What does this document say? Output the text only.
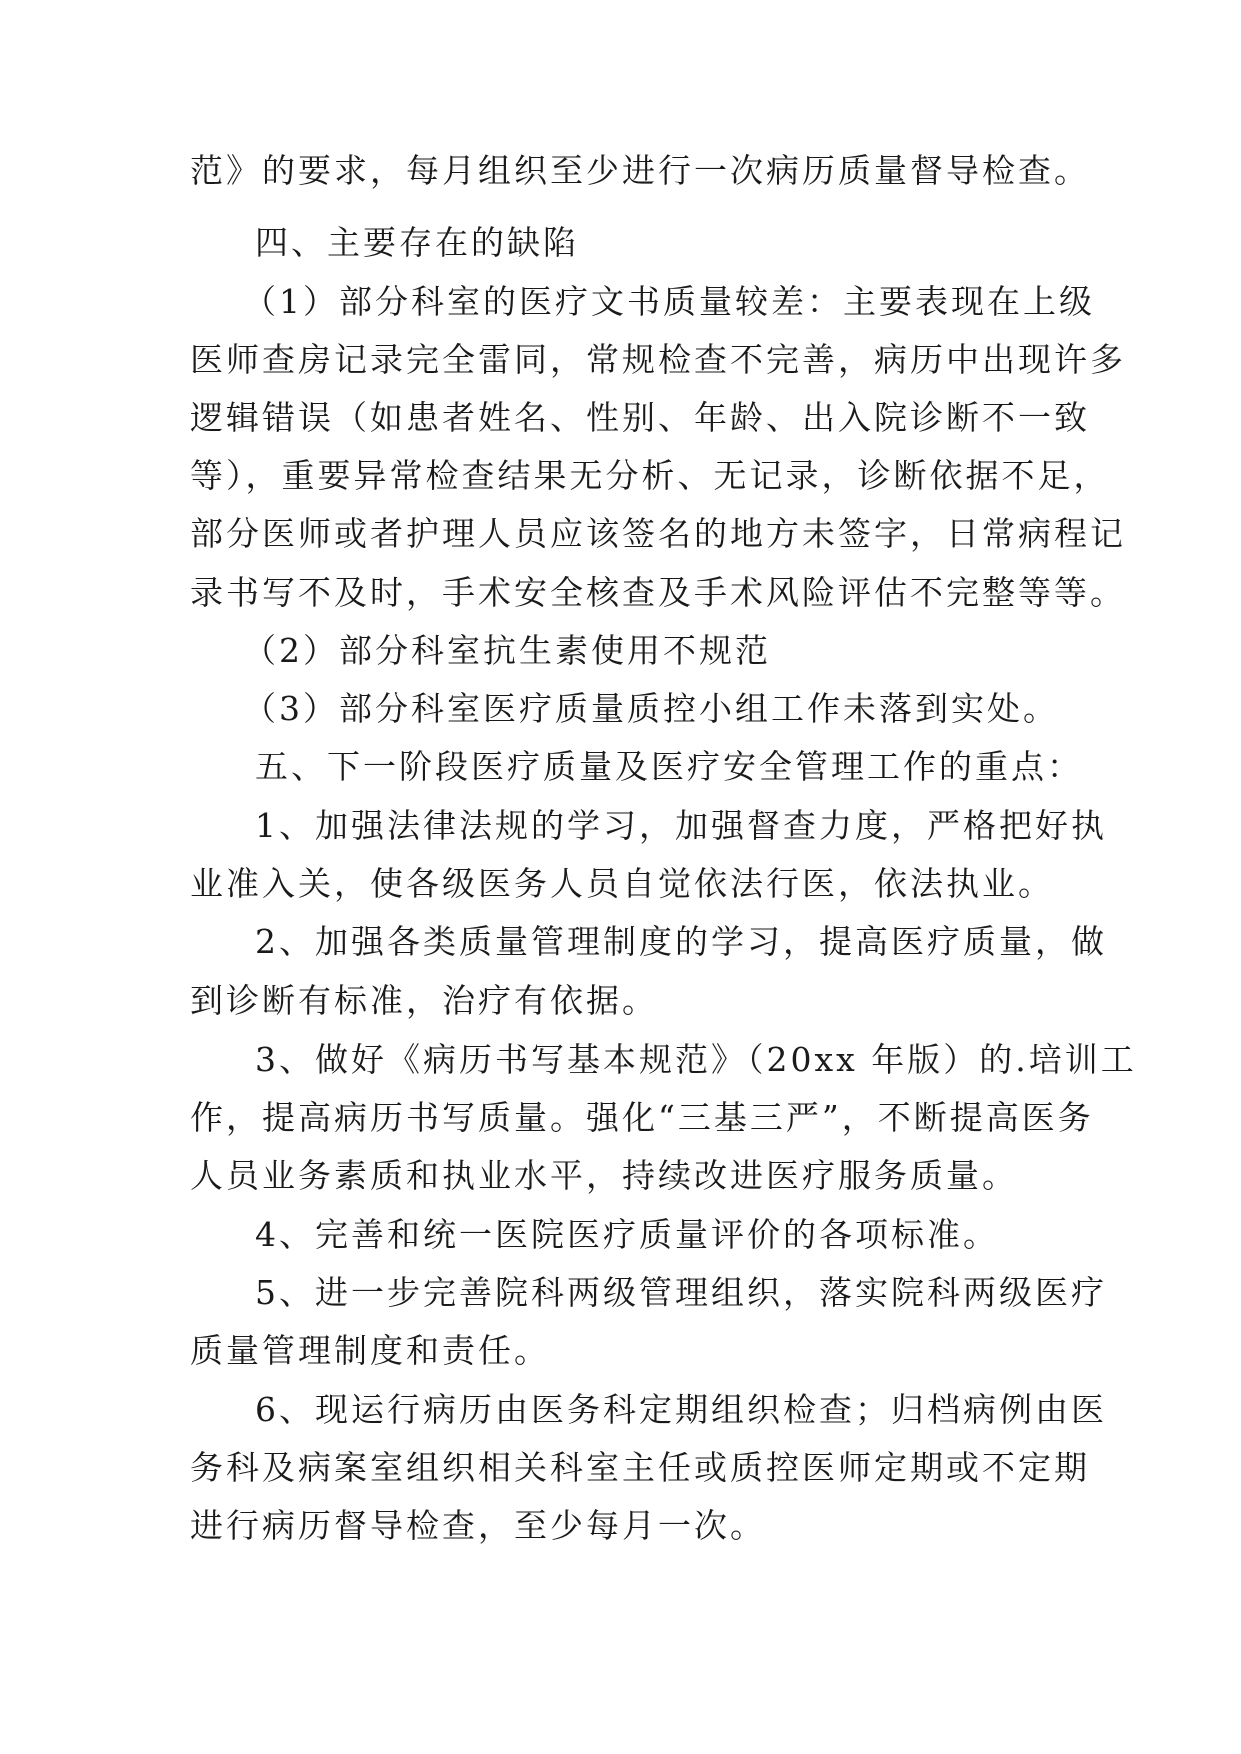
范》的要求，每月组织至少进行一次病历质量督导检查。
四、主要存在的缺陷
（1）部分科室的医疗文书质量较差：主要表现在上级
医师查房记录完全雷同，常规检查不完善，病历中出现许多
逻辑错误（如患者姓名、性别、年龄、出入院诊断不一致
等），重要异常检查结果无分析、无记录，诊断依据不足，
部分医师或者护理人员应该签名的地方未签字，日常病程记
录书写不及时，手术安全核查及手术风险评估不完整等等。
（2）部分科室抗生素使用不规范
（3）部分科室医疗质量质控小组工作未落到实处。
五、下一阶段医疗质量及医疗安全管理工作的重点：
1、加强法律法规的学习，加强督查力度，严格把好执
业准入关，使各级医务人员自觉依法行医，依法执业。
2、加强各类质量管理制度的学习，提高医疗质量，做
到诊断有标准，治疗有依据。
3、做好《病历书写基本规范》（20xx 年版）的.培训工
作，提高病历书写质量。强化“三基三严”，不断提高医务
人员业务素质和执业水平，持续改进医疗服务质量。
4、完善和统一医院医疗质量评价的各项标准。
5、进一步完善院科两级管理组织，落实院科两级医疗
质量管理制度和责任。
6、现运行病历由医务科定期组织检查；归档病例由医
务科及病案室组织相关科室主任或质控医师定期或不定期
进行病历督导检查，至少每月一次。
